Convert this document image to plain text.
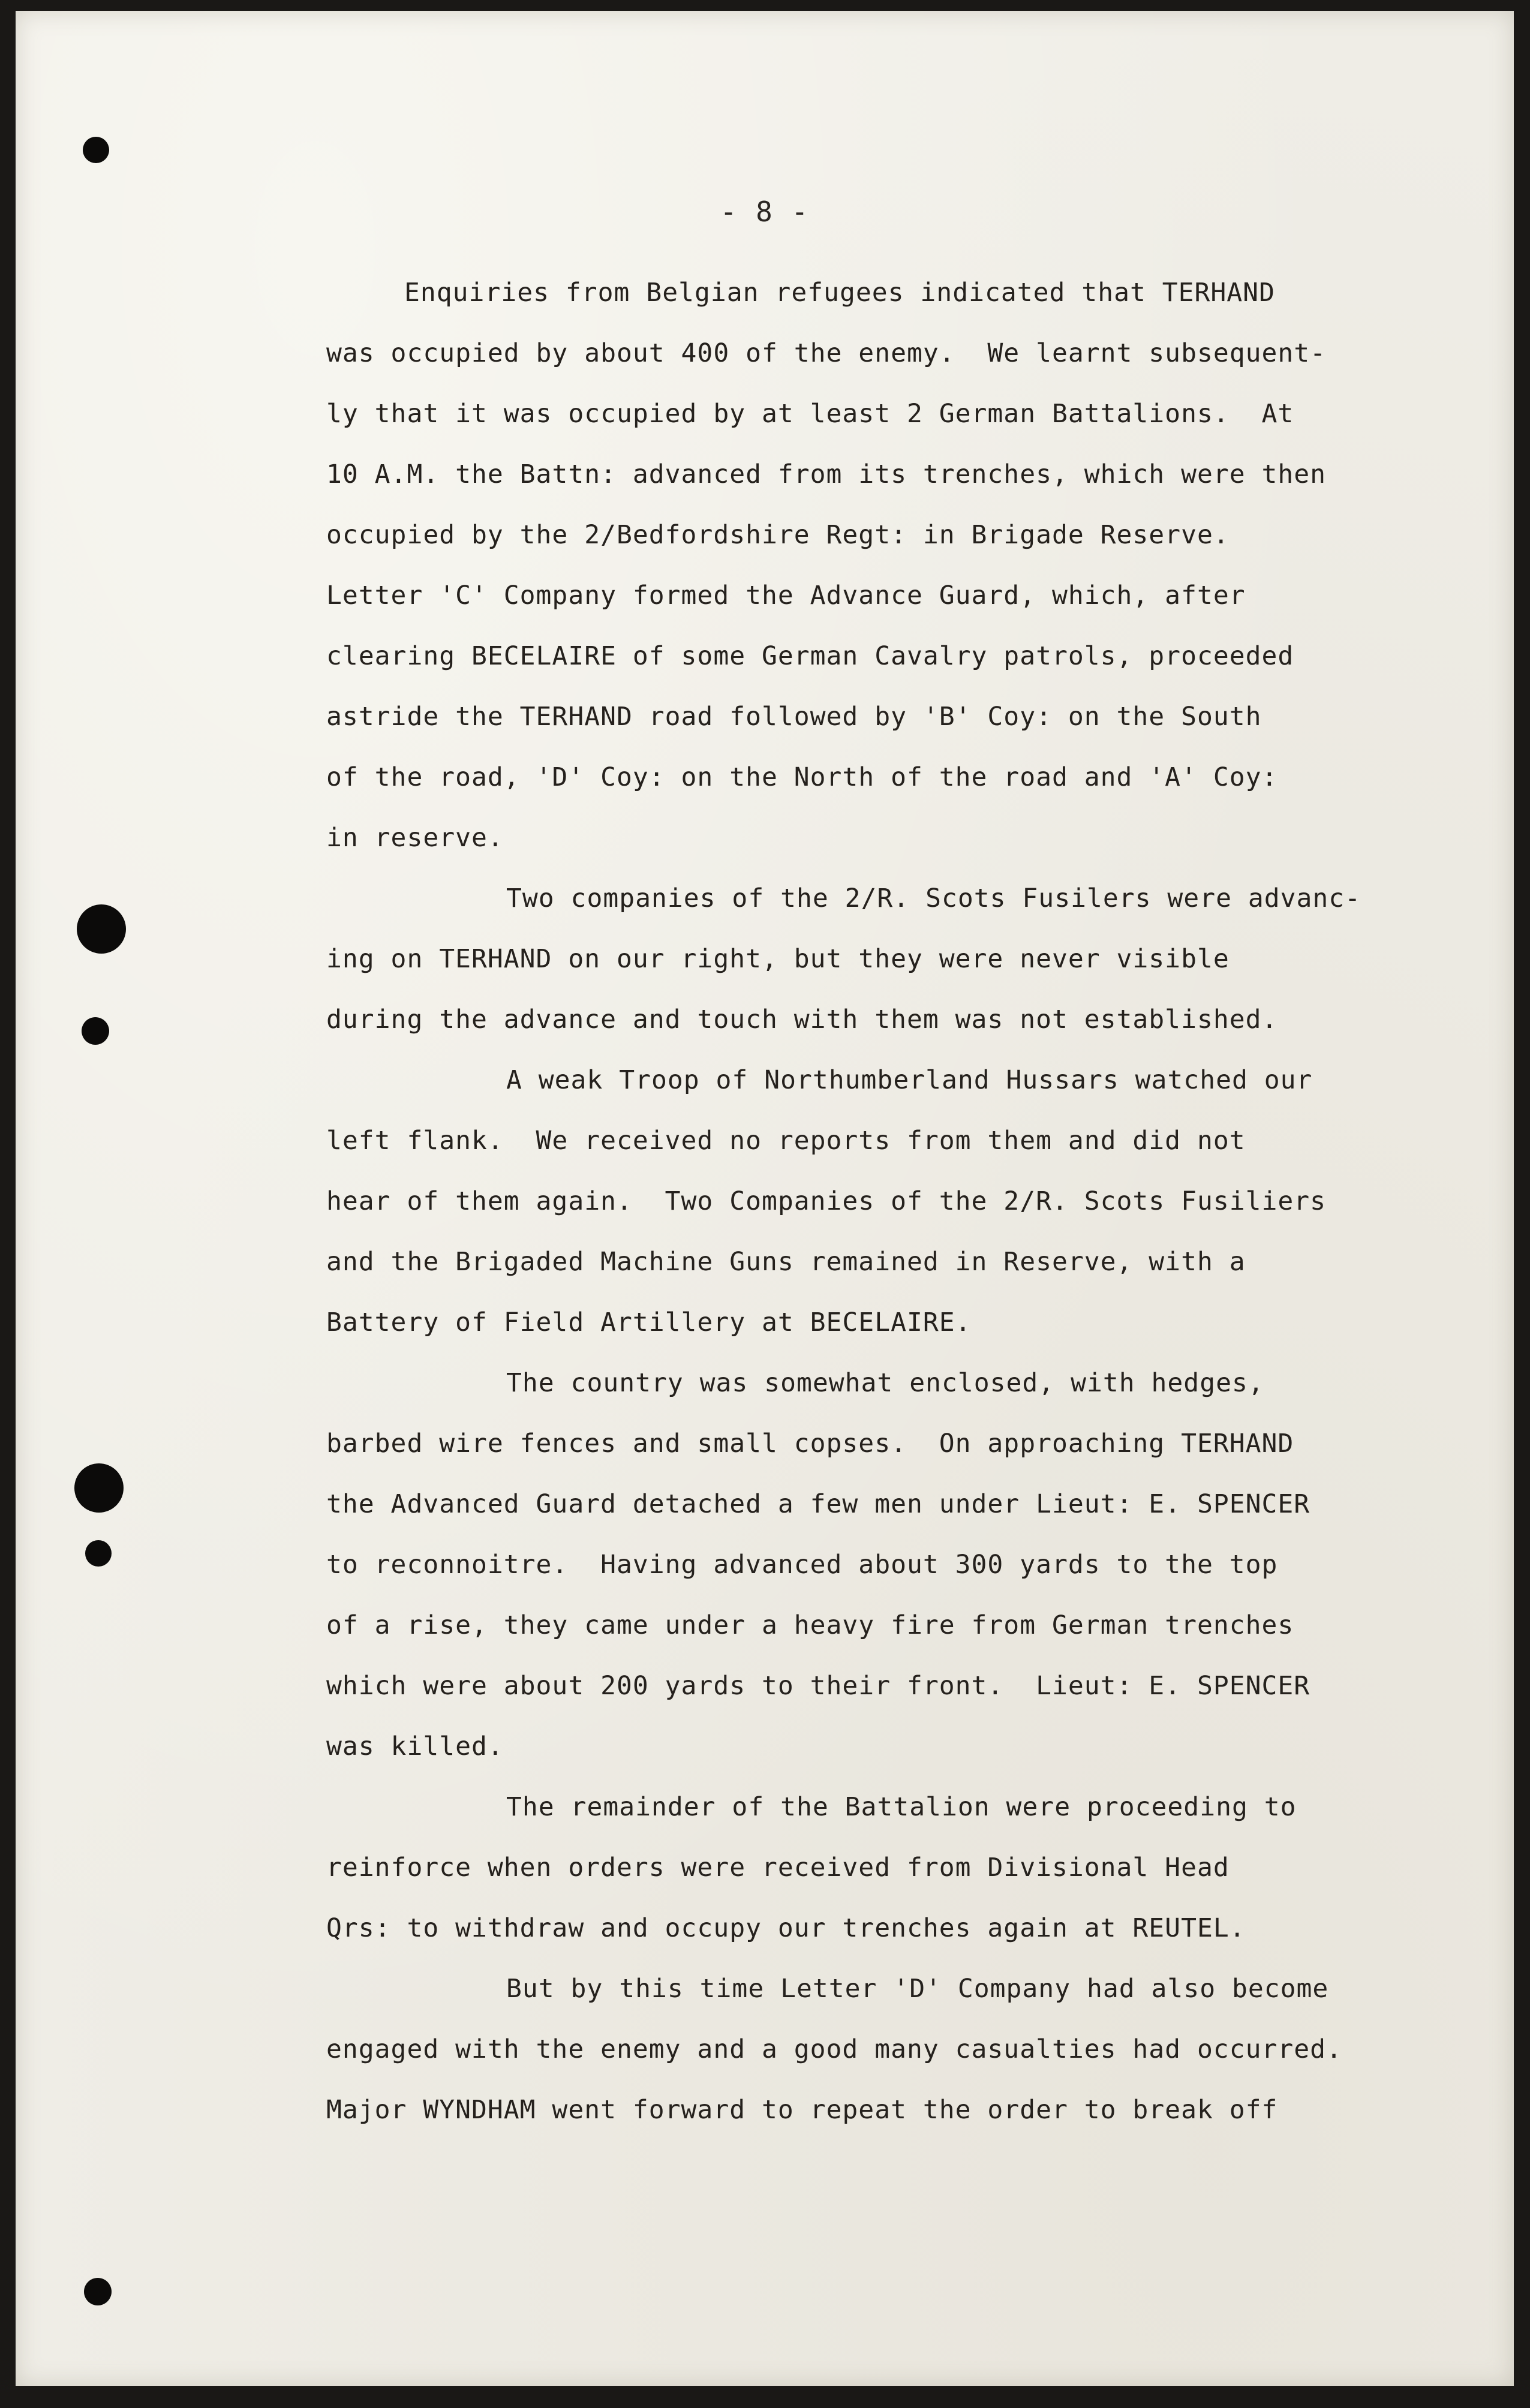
- 8 -
Enquiries from Belgian refugees indicated that TERHAND
was occupied by about 400 of the enemy.  We learnt subsequent-
ly that it was occupied by at least 2 German Battalions.  At
10 A.M. the Battn: advanced from its trenches, which were then
occupied by the 2/Bedfordshire Regt: in Brigade Reserve.
Letter 'C' Company formed the Advance Guard, which, after
clearing BECELAIRE of some German Cavalry patrols, proceeded
astride the TERHAND road followed by 'B' Coy: on the South
of the road, 'D' Coy: on the North of the road and 'A' Coy:
in reserve.
Two companies of the 2/R. Scots Fusilers were advanc-
ing on TERHAND on our right, but they were never visible
during the advance and touch with them was not established.
A weak Troop of Northumberland Hussars watched our
left flank.  We received no reports from them and did not
hear of them again.  Two Companies of the 2/R. Scots Fusiliers
and the Brigaded Machine Guns remained in Reserve, with a
Battery of Field Artillery at BECELAIRE.
The country was somewhat enclosed, with hedges,
barbed wire fences and small copses.  On approaching TERHAND
the Advanced Guard detached a few men under Lieut: E. SPENCER
to reconnoitre.  Having advanced about 300 yards to the top
of a rise, they came under a heavy fire from German trenches
which were about 200 yards to their front.  Lieut: E. SPENCER
was killed.
The remainder of the Battalion were proceeding to
reinforce when orders were received from Divisional Head
Qrs: to withdraw and occupy our trenches again at REUTEL.
But by this time Letter 'D' Company had also become
engaged with the enemy and a good many casualties had occurred.
Major WYNDHAM went forward to repeat the order to break off
